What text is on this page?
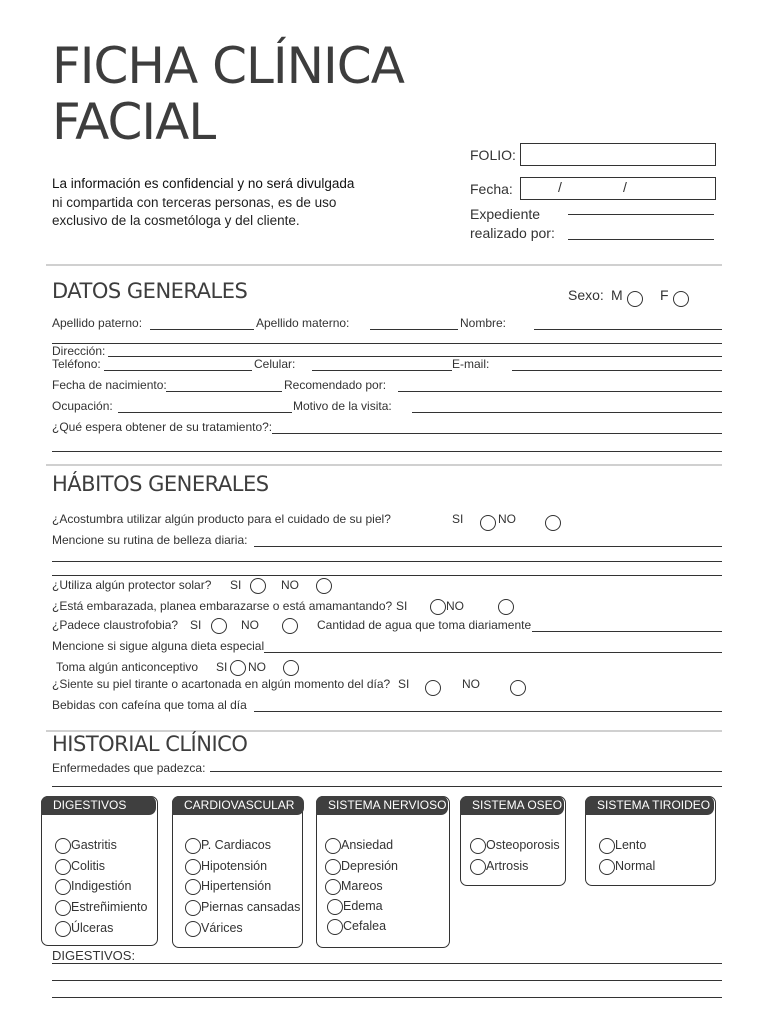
FICHA CLÍNICA
FACIAL
La información es confidencial y no será divulgada
ni compartida con terceras personas, es de uso
exclusivo de la cosmetóloga y del cliente.
FOLIO:
Fecha:	/	/
Expediente
realizado por:
DATOS GENERALES	Sexo: M	F
Apellido paterno:	Apellido materno:	Nombre:
Dirección:
Teléfono:	Celular:	E-mail:
Fecha de nacimiento:	Recomendado por:
Ocupación:	Motivo de la visita:
¿Qué espera obtener de su tratamiento?:
HÁBITOS GENERALES
¿Acostumbra utilizar algún producto para el cuidado de su piel?	SI	NO
Mencione su rutina de belleza diaria:
¿Utiliza algún protector solar? SI	NO
¿Está embarazada, planea embarazarse o está amamantando? SI	NO
¿Padece claustrofobia? SI	NO	Cantidad de agua que toma diariamente
Mencione si sigue alguna dieta especial
Toma algún anticonceptivo SI NO
¿Siente su piel tirante o acartonada en algún momento del día? SI	NO
Bebidas con cafeína que toma al día
HISTORIAL CLÍNICO
Enfermedades que padezca:
DIGESTIVOS
Gastritis
Colitis
Indigestión
Estreñimiento
Úlceras
CARDIOVASCULAR
P. Cardiacos
Hipotensión
Hipertensión
Piernas cansadas
Várices
SISTEMA NERVIOSO
Ansiedad
Depresión
Mareos
Edema
Cefalea
SISTEMA OSEO
Osteoporosis
Artrosis
SISTEMA TIROIDEO
Lento
Normal
DIGESTIVOS:
